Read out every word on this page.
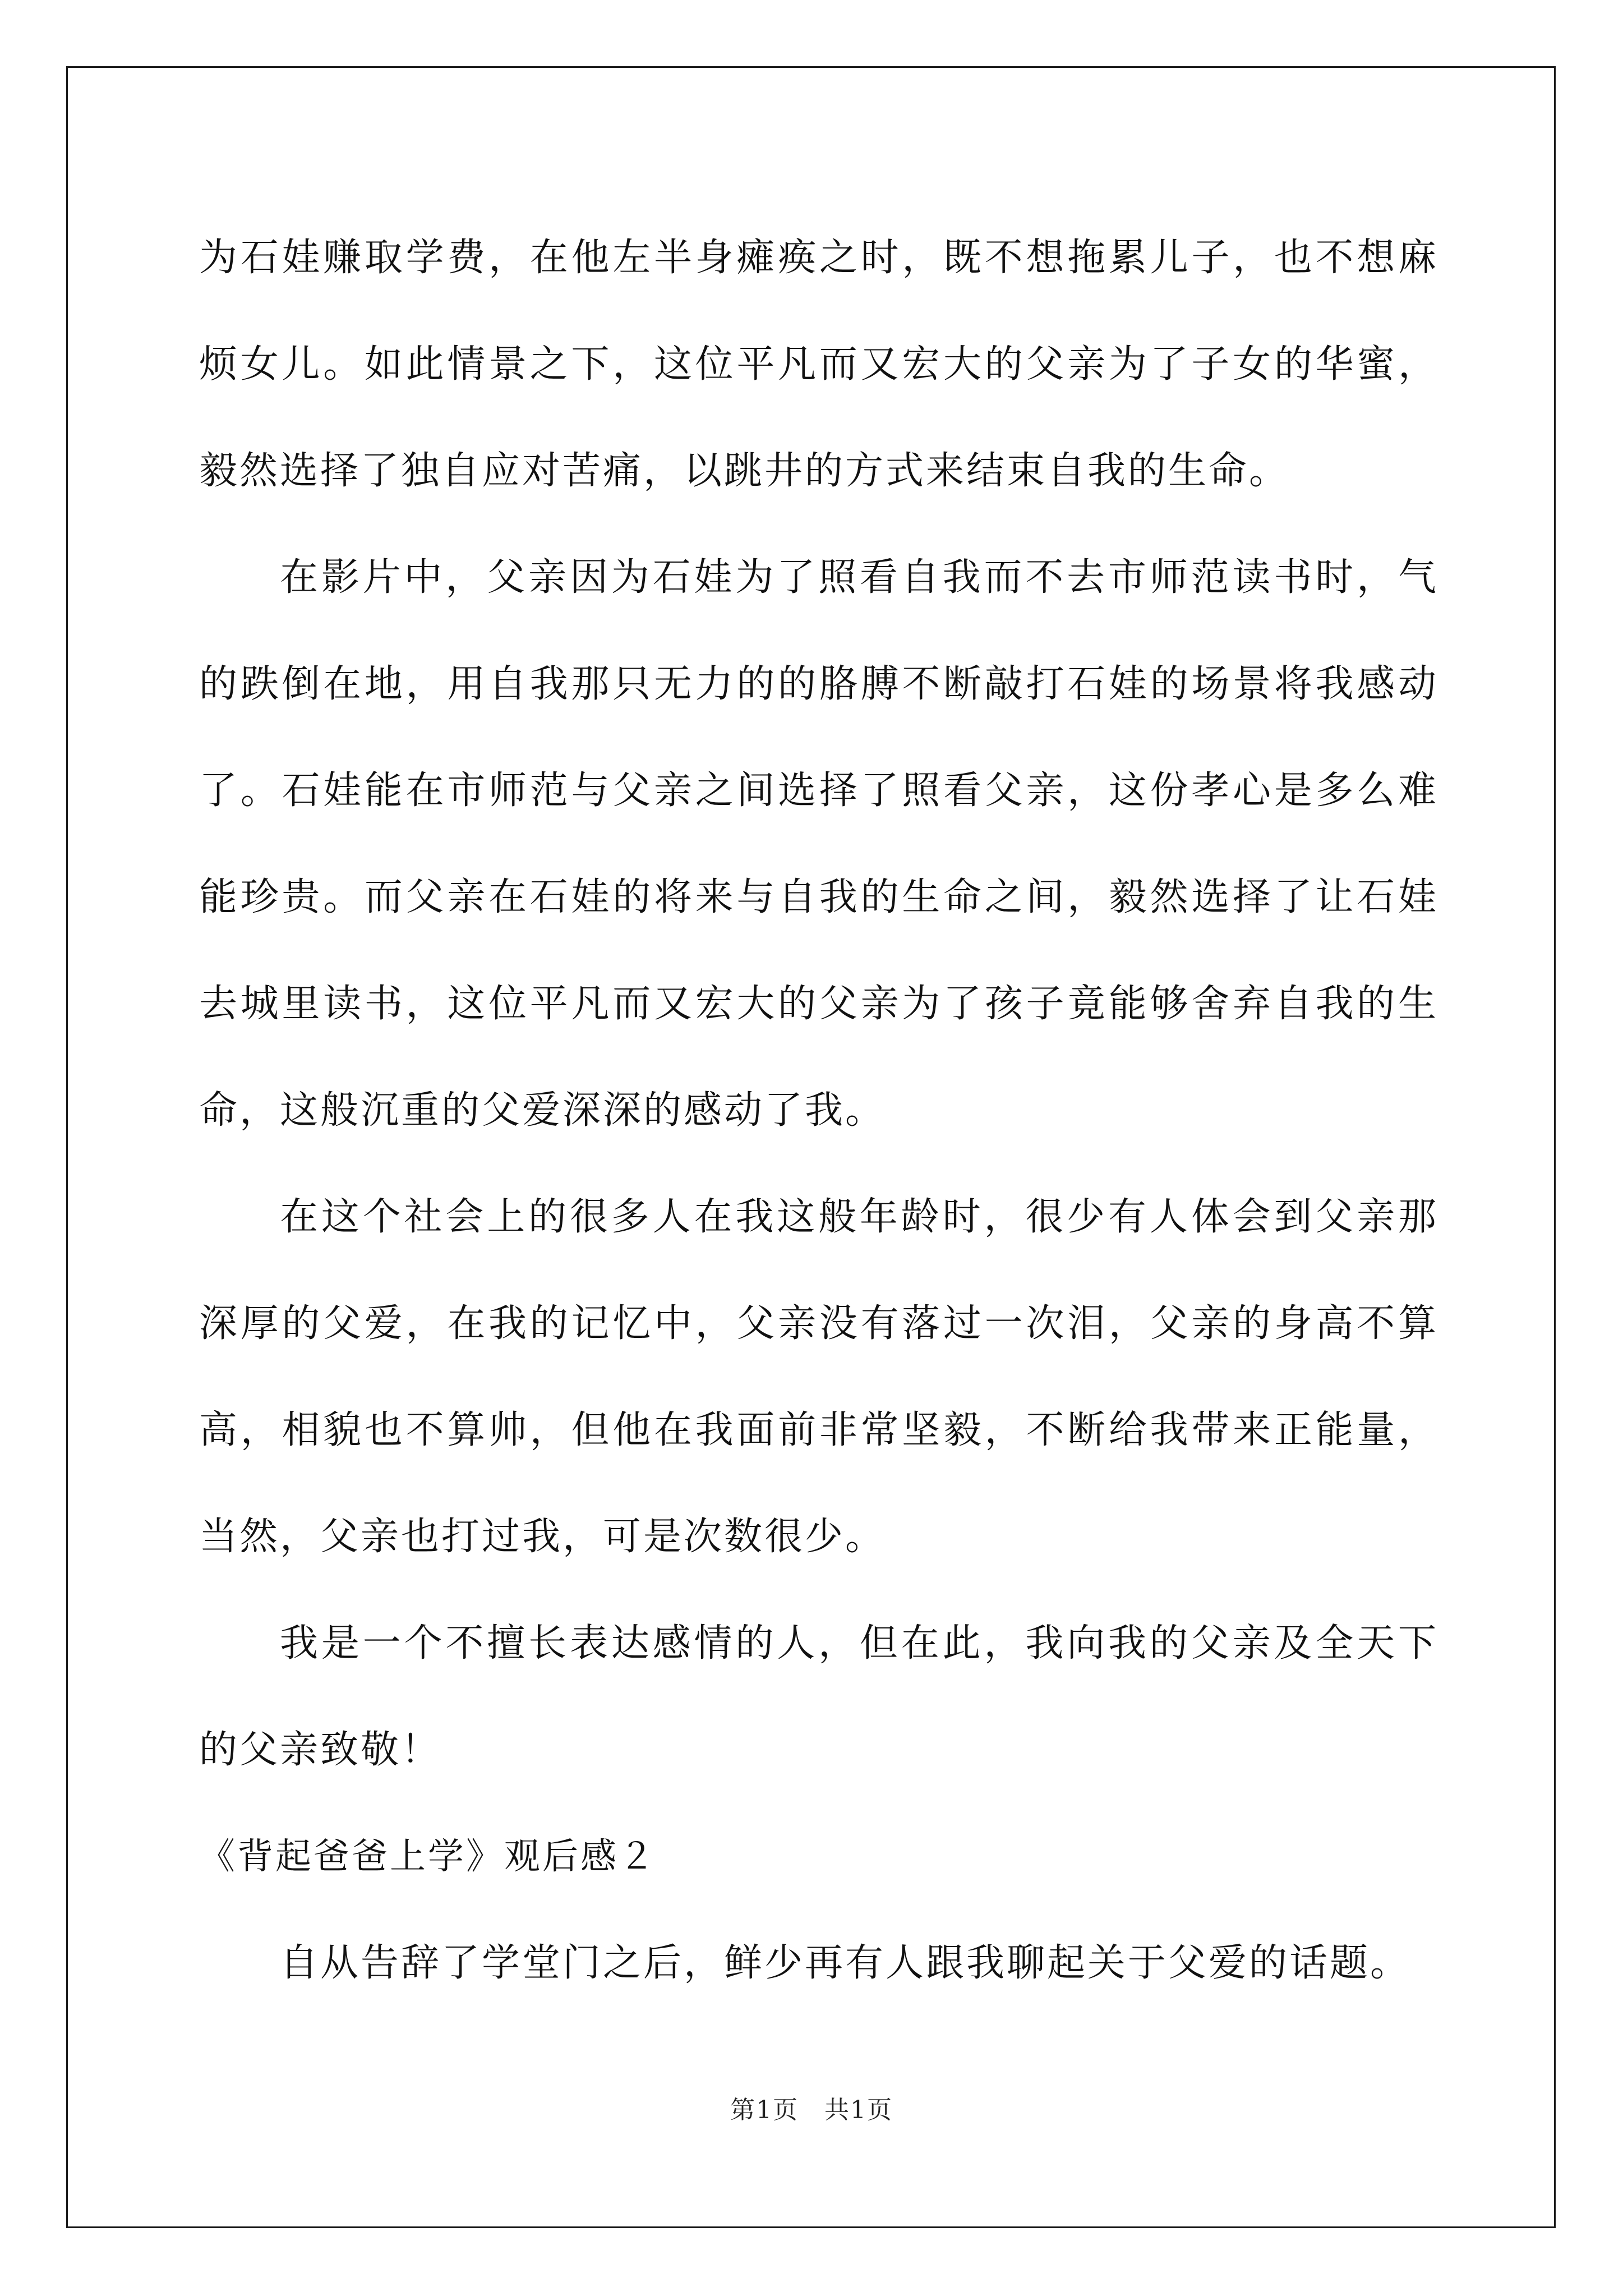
为石娃赚取学费，在他左半身瘫痪之时，既不想拖累儿子，也不想麻烦女儿。如此情景之下，这位平凡而又宏大的父亲为了子女的华蜜，毅然选择了独自应对苦痛，以跳井的方式来结束自我的生命。

在影片中，父亲因为石娃为了照看自我而不去市师范读书时，气的跌倒在地，用自我那只无力的的胳膊不断敲打石娃的场景将我感动了。石娃能在市师范与父亲之间选择了照看父亲，这份孝心是多么难能珍贵。而父亲在石娃的将来与自我的生命之间，毅然选择了让石娃去城里读书，这位平凡而又宏大的父亲为了孩子竟能够舍弃自我的生命，这般沉重的父爱深深的感动了我。

在这个社会上的很多人在我这般年龄时，很少有人体会到父亲那深厚的父爱，在我的记忆中，父亲没有落过一次泪，父亲的身高不算高，相貌也不算帅，但他在我面前非常坚毅，不断给我带来正能量，当然，父亲也打过我，可是次数很少。

我是一个不擅长表达感情的人，但在此，我向我的父亲及全天下的父亲致敬！

《背起爸爸上学》观后感２

自从告辞了学堂门之后，鲜少再有人跟我聊起关于父爱的话题。

第1页　共1页
